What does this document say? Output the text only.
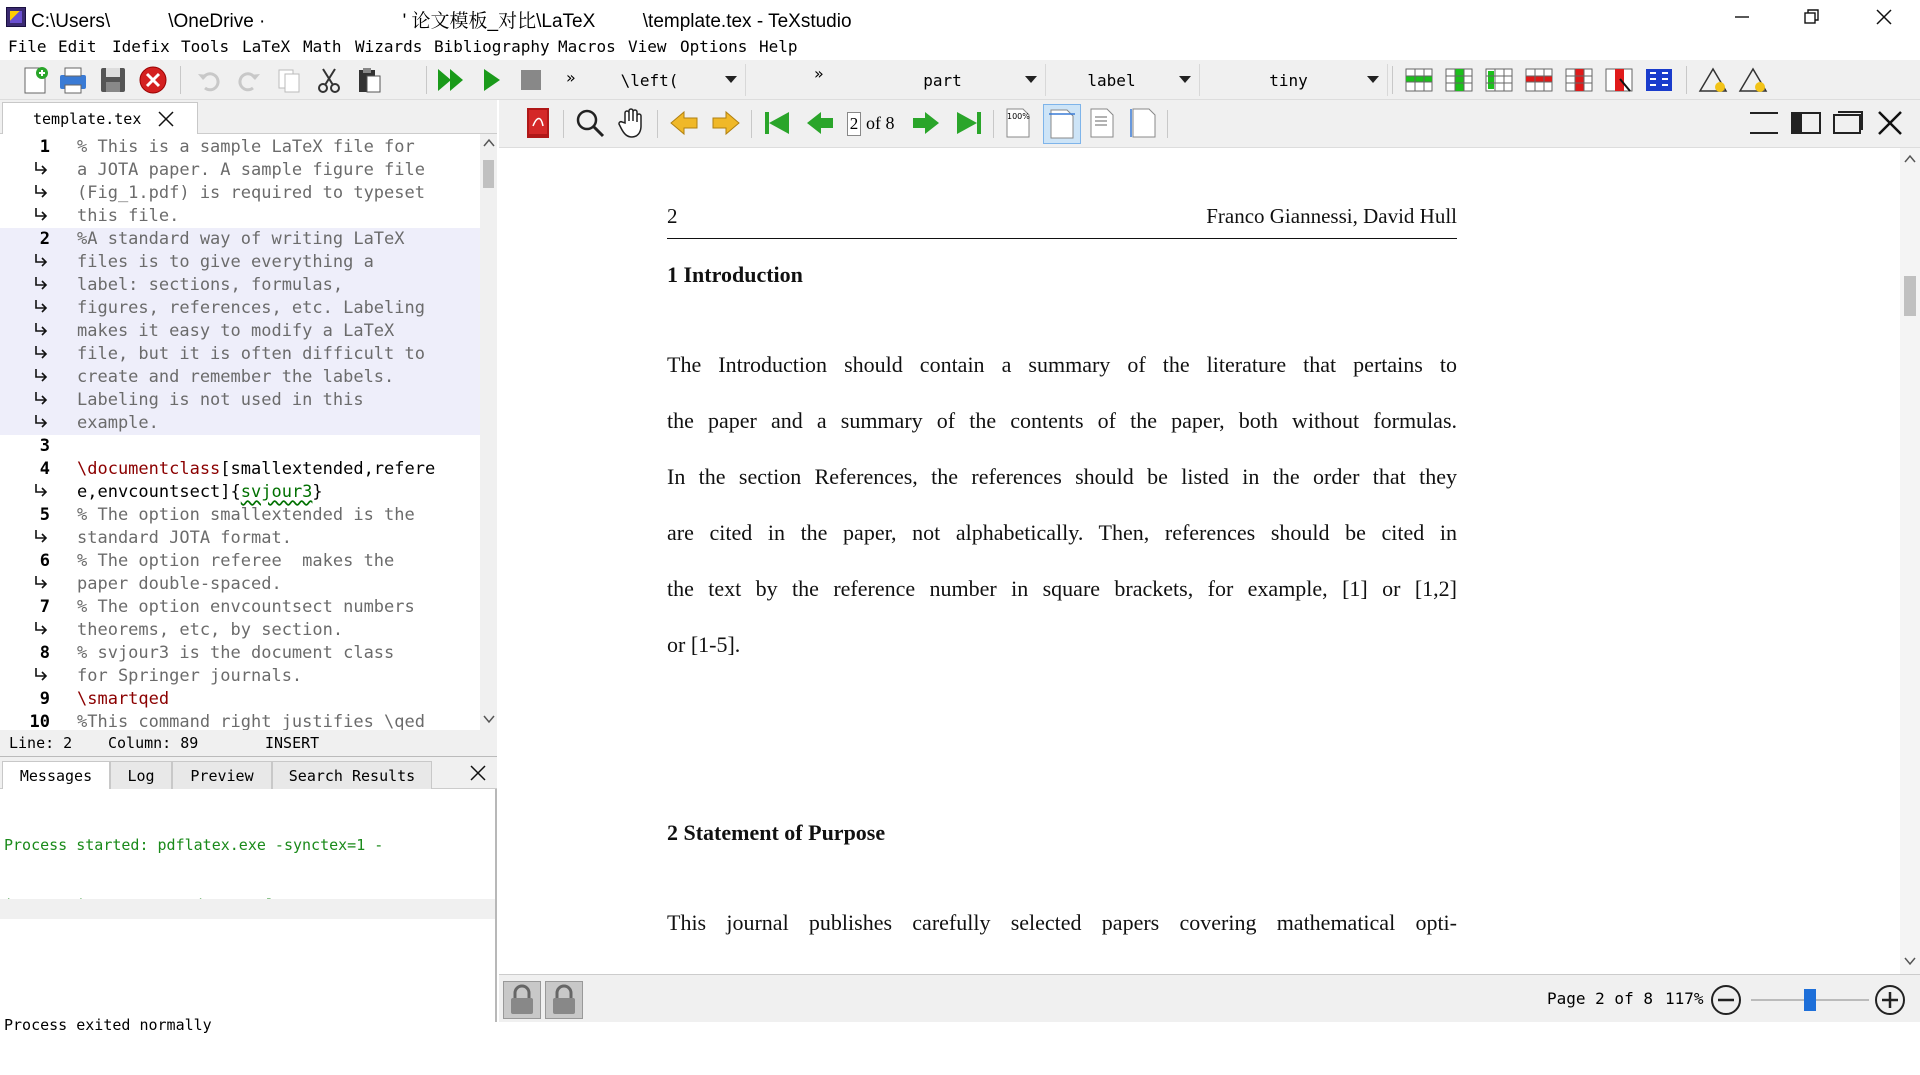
C:\Users\           \OneDrive ·                          ' 论文模板_对比\LaTeX         \template.tex - TeXstudio
File Edit Idefix Tools LaTeX Math Wizards Bibliography Macros View Options Help
»	\left(	»	part	label	tiny
template.tex
1 % This is a sample LaTeX file for
a JOTA paper. A sample figure file
(Fig_1.pdf) is required to typeset
this file.
2 %A standard way of writing LaTeX
files is to give everything a
label: sections, formulas,
figures, references, etc. Labeling
makes it easy to modify a LaTeX
file, but it is often difficult to
create and remember the labels.
Labeling is not used in this
example.
3
4 \documentclass[smallextended,refere
e,envcountsect]{svjour3}
5 % The option smallextended is the
standard JOTA format.
6 % The option referee  makes the
paper double-spaced.
7 % The option envcountsect numbers
theorems, etc, by section.
8 % svjour3 is the document class
for Springer journals.
9 \smartqed
10 %This command right justifies \qed
Line: 2 Column: 89	INSERT
Messages	Log	Preview	Search Results

Process started: pdflatex.exe -synctex=1 -

Process exited normally

2 of 8	100%
2	Franco Giannessi, David Hull
1 Introduction
The Introduction should contain a summary of the literature that pertains to
the paper and a summary of the contents of the paper, both without formulas.
In the section References, the references should be listed in the order that they
are cited in the paper, not alphabetically. Then, references should be cited in
the text by the reference number in square brackets, for example, [1] or [1,2]
or [1-5].
2 Statement of Purpose
This journal publishes carefully selected papers covering mathematical opti-
Page 2 of 8 117%
